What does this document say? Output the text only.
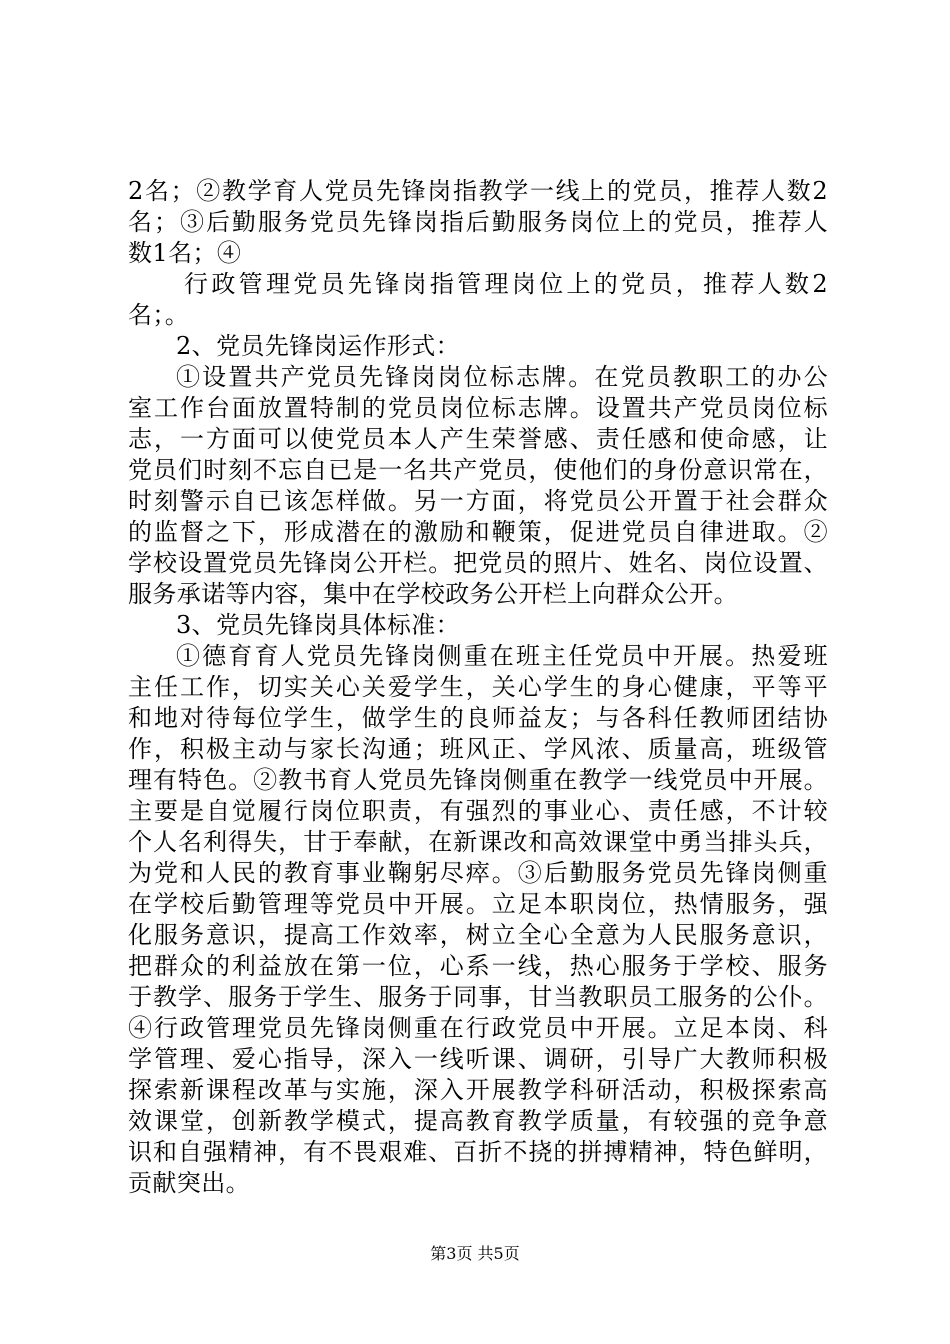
2名；②教学育人党员先锋岗指教学一线上的党员，推荐人数2
名；③后勤服务党员先锋岗指后勤服务岗位上的党员，推荐人
数1名；④
行政管理党员先锋岗指管理岗位上的党员，推荐人数2
名；。
2、党员先锋岗运作形式：
①设置共产党员先锋岗岗位标志牌。在党员教职工的办公
室工作台面放置特制的党员岗位标志牌。设置共产党员岗位标
志，一方面可以使党员本人产生荣誉感、责任感和使命感，让
党员们时刻不忘自已是一名共产党员，使他们的身份意识常在，
时刻警示自已该怎样做。另一方面，将党员公开置于社会群众
的监督之下，形成潜在的激励和鞭策，促进党员自律进取。②
学校设置党员先锋岗公开栏。把党员的照片、姓名、岗位设置、
服务承诺等内容，集中在学校政务公开栏上向群众公开。
3、党员先锋岗具体标准：
①德育育人党员先锋岗侧重在班主任党员中开展。热爱班
主任工作，切实关心关爱学生，关心学生的身心健康，平等平
和地对待每位学生，做学生的良师益友；与各科任教师团结协
作，积极主动与家长沟通；班风正、学风浓、质量高，班级管
理有特色。②教书育人党员先锋岗侧重在教学一线党员中开展。
主要是自觉履行岗位职责，有强烈的事业心、责任感，不计较
个人名利得失，甘于奉献，在新课改和高效课堂中勇当排头兵，
为党和人民的教育事业鞠躬尽瘁。③后勤服务党员先锋岗侧重
在学校后勤管理等党员中开展。立足本职岗位，热情服务，强
化服务意识，提高工作效率，树立全心全意为人民服务意识，
把群众的利益放在第一位，心系一线，热心服务于学校、服务
于教学、服务于学生、服务于同事，甘当教职员工服务的公仆。
④行政管理党员先锋岗侧重在行政党员中开展。立足本岗、科
学管理、爱心指导，深入一线听课、调研，引导广大教师积极
探索新课程改革与实施，深入开展教学科研活动，积极探索高
效课堂，创新教学模式，提高教育教学质量，有较强的竞争意
识和自强精神，有不畏艰难、百折不挠的拼搏精神，特色鲜明，
贡献突出。
第3页 共5页
